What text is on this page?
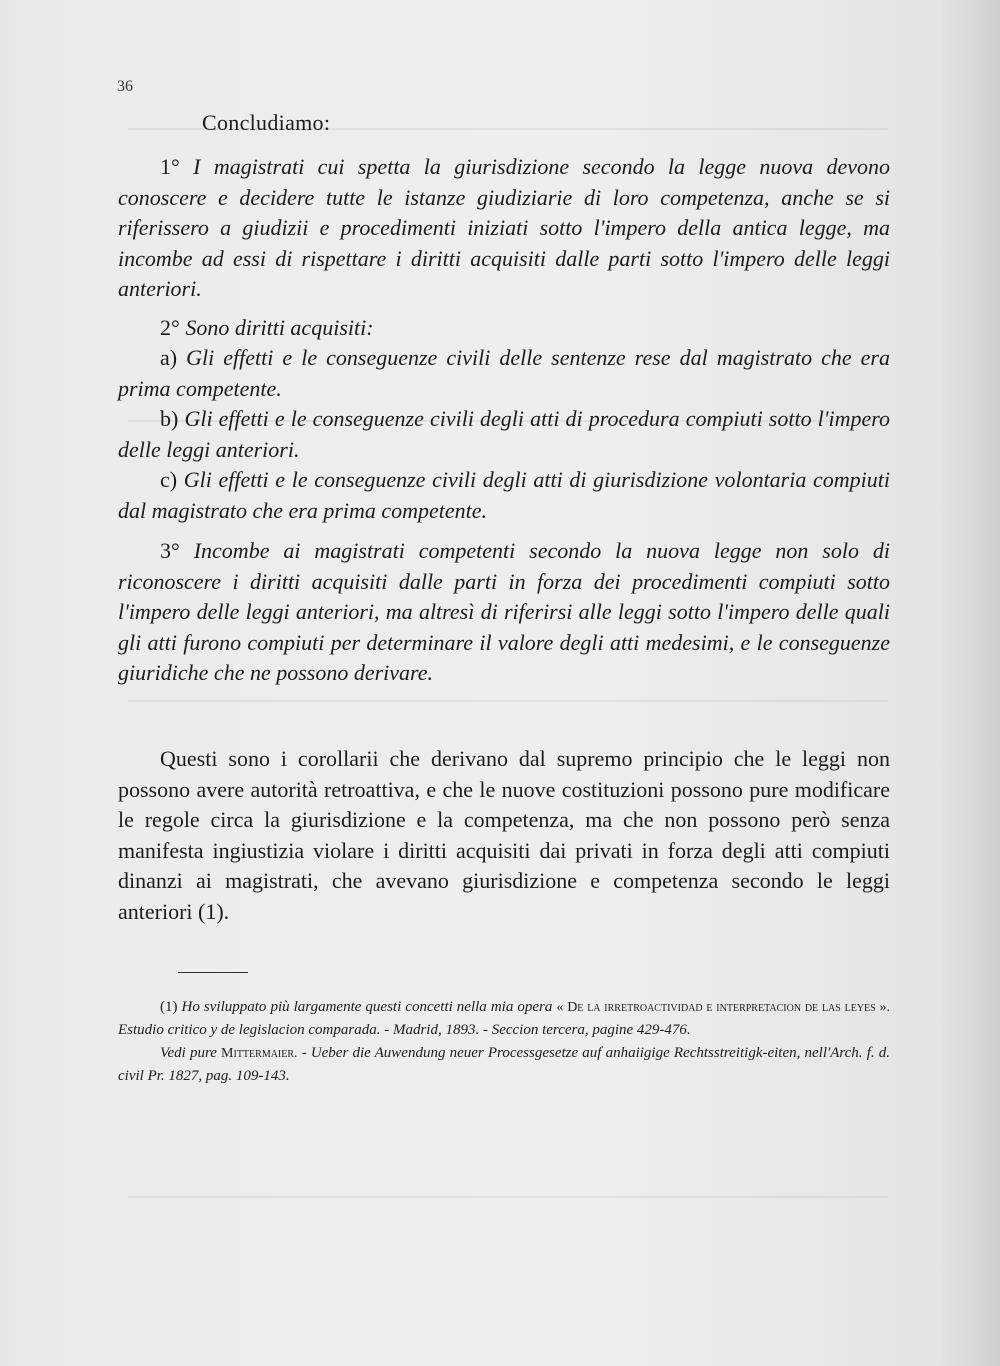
36
Concludiamo:

1° I magistrati cui spetta la giurisdizione secondo la legge nuova devono conoscere e decidere tutte le istanze giudiziarie di loro competenza, anche se si riferissero a giudizii e procedimenti iniziati sotto l'impero della antica legge, ma incombe ad essi di rispettare i diritti acquisiti dalle parti sotto l'impero delle leggi anteriori.

2° Sono diritti acquisiti:

a) Gli effetti e le conseguenze civili delle sentenze rese dal magistrato che era prima competente.

b) Gli effetti e le conseguenze civili degli atti di procedura compiuti sotto l'impero delle leggi anteriori.

c) Gli effetti e le conseguenze civili degli atti di giurisdizione volontaria compiuti dal magistrato che era prima competente.

3° Incombe ai magistrati competenti secondo la nuova legge non solo di riconoscere i diritti acquisiti dalle parti in forza dei procedimenti compiuti sotto l'impero delle leggi anteriori, ma altresì di riferirsi alle leggi sotto l'impero delle quali gli atti furono compiuti per determinare il valore degli atti medesimi, e le conseguenze giuridiche che ne possono derivare.

Questi sono i corollarii che derivano dal supremo principio che le leggi non possono avere autorità retroattiva, e che le nuove costituzioni possono pure modificare le regole circa la giurisdizione e la competenza, ma che non possono però senza manifesta ingiustizia violare i diritti acquisiti dai privati in forza degli atti compiuti dinanzi ai magistrati, che avevano giurisdizione e competenza secondo le leggi anteriori (1).

(1) Ho sviluppato più largamente questi concetti nella mia opera « De la irretroactividad e interpretacion de las leyes ». Estudio critico y de legislacion comparada. - Madrid, 1893. - Seccion tercera, pagine 429-476.

Vedi pure Mittermaier. - Ueber die Auwendung neuer Processgesetze auf anhaiigige Rechtsstreitigk-eiten, nell'Arch. f. d. civil Pr. 1827, pag. 109-143.
